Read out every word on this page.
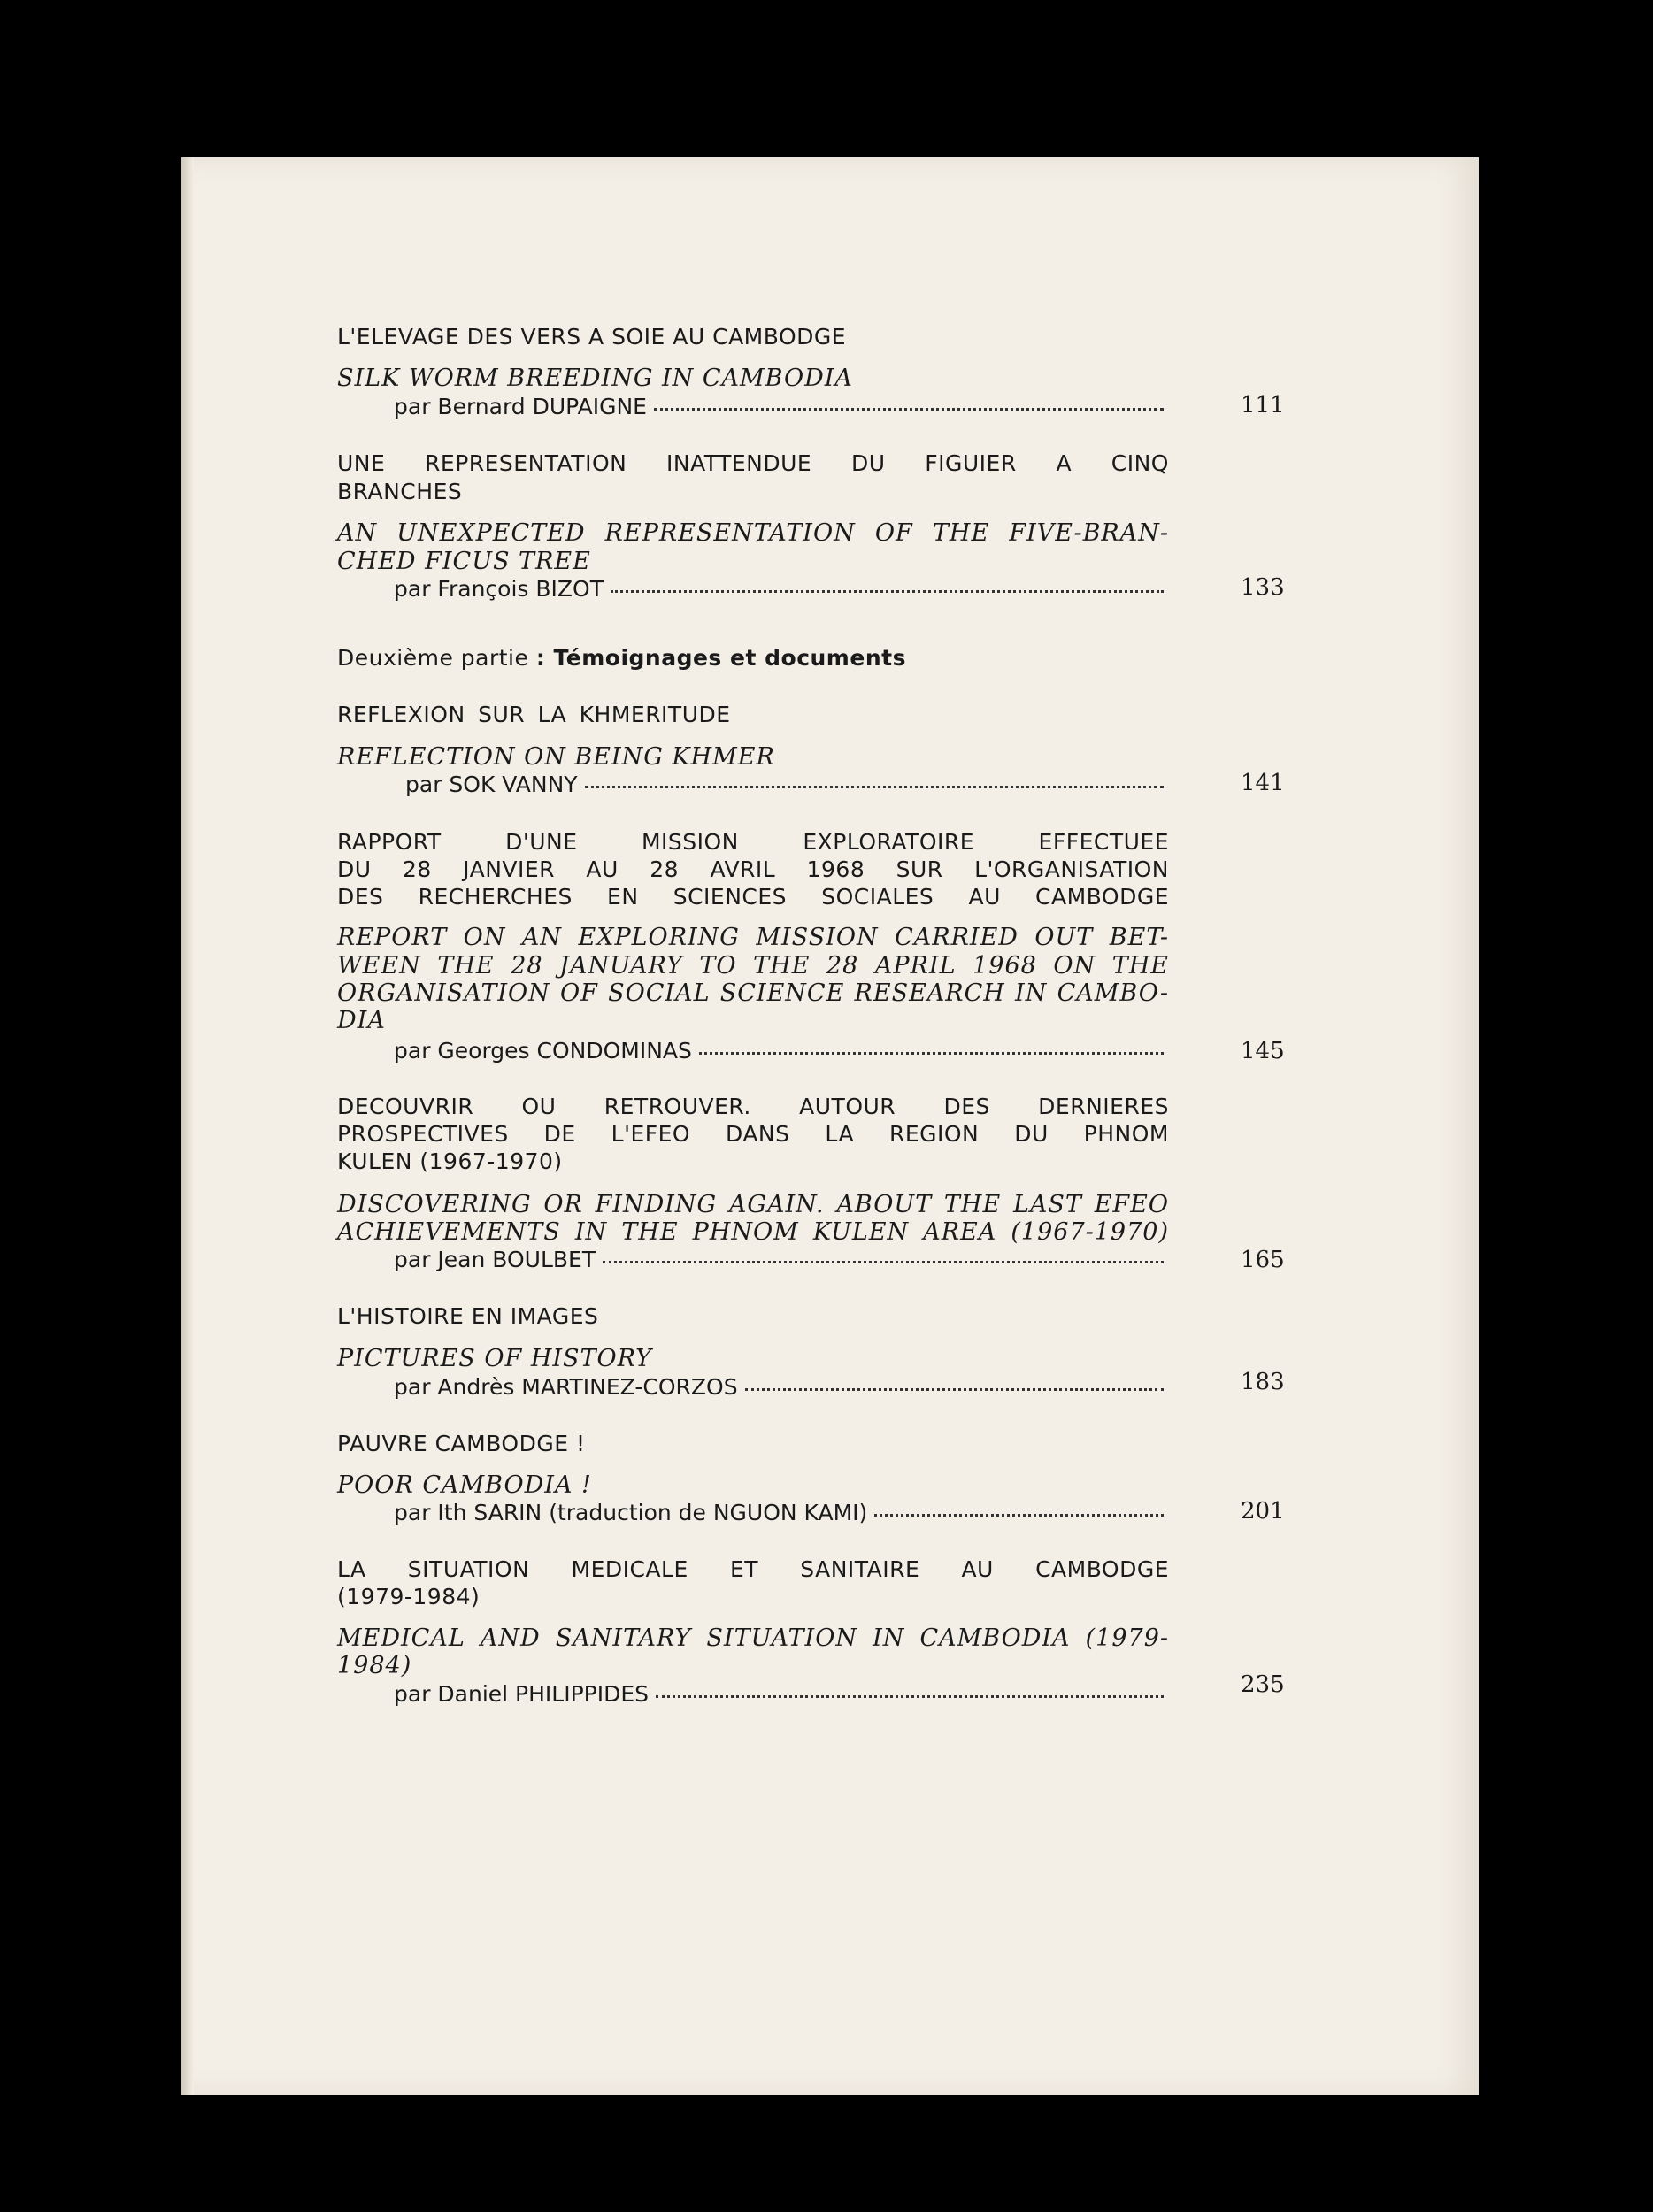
L'ELEVAGE DES VERS A SOIE AU CAMBODGE

SILK WORM BREEDING IN CAMBODIA

par Bernard DUPAIGNE	111

UNE REPRESENTATION INATTENDUE DU FIGUIER A CINQ

BRANCHES

AN UNEXPECTED REPRESENTATION OF THE FIVE-BRAN-

CHED FICUS TREE

par François BIZOT	133

Deuxième partie : Témoignages et documents

REFLEXION SUR LA KHMERITUDE

REFLECTION ON BEING KHMER

par SOK VANNY	141

RAPPORT D'UNE MISSION EXPLORATOIRE EFFECTUEE

DU 28 JANVIER AU 28 AVRIL 1968 SUR L'ORGANISATION

DES RECHERCHES EN SCIENCES SOCIALES AU CAMBODGE

REPORT ON AN EXPLORING MISSION CARRIED OUT BET-

WEEN THE 28 JANUARY TO THE 28 APRIL 1968 ON THE

ORGANISATION OF SOCIAL SCIENCE RESEARCH IN CAMBO-

DIA

par Georges CONDOMINAS	145

DECOUVRIR OU RETROUVER. AUTOUR DES DERNIERES

PROSPECTIVES DE L'EFEO DANS LA REGION DU PHNOM

KULEN (1967-1970)

DISCOVERING OR FINDING AGAIN. ABOUT THE LAST EFEO

ACHIEVEMENTS IN THE PHNOM KULEN AREA (1967-1970)

par Jean BOULBET	165

L'HISTOIRE EN IMAGES

PICTURES OF HISTORY

par Andrès MARTINEZ-CORZOS	183

PAUVRE CAMBODGE !

POOR CAMBODIA !

par Ith SARIN (traduction de NGUON KAMI)	201

LA SITUATION MEDICALE ET SANITAIRE AU CAMBODGE

(1979-1984)

MEDICAL AND SANITARY SITUATION IN CAMBODIA (1979-

1984)

par Daniel PHILIPPIDES	235
